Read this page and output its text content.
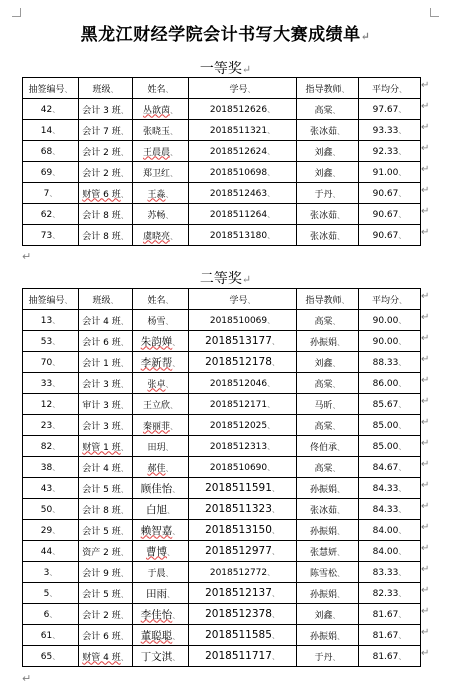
黑龙江财经学院会计书写大赛成绩单↵
一等奖↵
抽签编号、	班级、	姓名、	学号、	指导教师、	平均分、
42、	会计 3 班、	丛歆茵、	2018512626、	高棠、	97.67、
14、	会计 7 班、	张晓玉、	2018511321、	张冰茹、	93.33、
68、	会计 2 班、	王晨晨、	2018512624、	刘鑫、	92.33、
69、	会计 2 班、	郑卫红、	2018510698、	刘鑫、	91.00、
7、	财管 6 班、	王淼、	2018512463、	于丹、	90.67、
62、	会计 8 班、	苏畅、	2018511264、	张冰茹、	90.67、
73、	会计 8 班、	虞晓亮、	2018513180、	张冰茹、	90.67、
↵
二等奖↵
抽签编号、	班级、	姓名、	学号、	指导教师、	平均分、
13、	会计 4 班、	杨雪、	2018510069、	高棠、	90.00、
53、	会计 6 班、	朱韵婵、	2018513177、	孙振娟、	90.00、
70、	会计 1 班、	李新帮、	2018512178、	刘鑫、	88.33、
33、	会计 3 班、	张卓、	2018512046、	高棠、	86.00、
12、	审计 3 班、	王立欣、	2018512171、	马昕、	85.67、
23、	会计 3 班、	秦丽菲、	2018512025、	高棠、	85.00、
82、	财管 1 班、	田玥、	2018512313、	佟伯承、	85.00、
38、	会计 4 班、	郝佳、	2018510690、	高棠、	84.67、
43、	会计 5 班、	顾佳怡、	2018511591、	孙振娟、	84.33、
50、	会计 8 班、	白旭、	2018511323、	张冰茹、	84.33、
29、	会计 5 班、	赖智嘉、	2018513150、	孙振娟、	84.00、
44、	资产 2 班、	曹博、	2018512977、	张慧妍、	84.00、
3、	会计 9 班、	于晨、	2018512772、	陈雪松、	83.33、
5、	会计 5 班、	田雨、	2018512137、	孙振娟、	82.33、
6、	会计 2 班、	李佳怡、	2018512378、	刘鑫、	81.67、
61、	会计 6 班、	董聪聪、	2018511585、	孙振娟、	81.67、
65、	财管 4 班、	丁文淇、	2018511717、	于丹、	81.67、
↵
↵
↵
↵
↵
↵
↵
↵
↵
↵
↵
↵
↵
↵
↵
↵
↵
↵
↵
↵
↵
↵
↵
↵
↵
↵
↵
